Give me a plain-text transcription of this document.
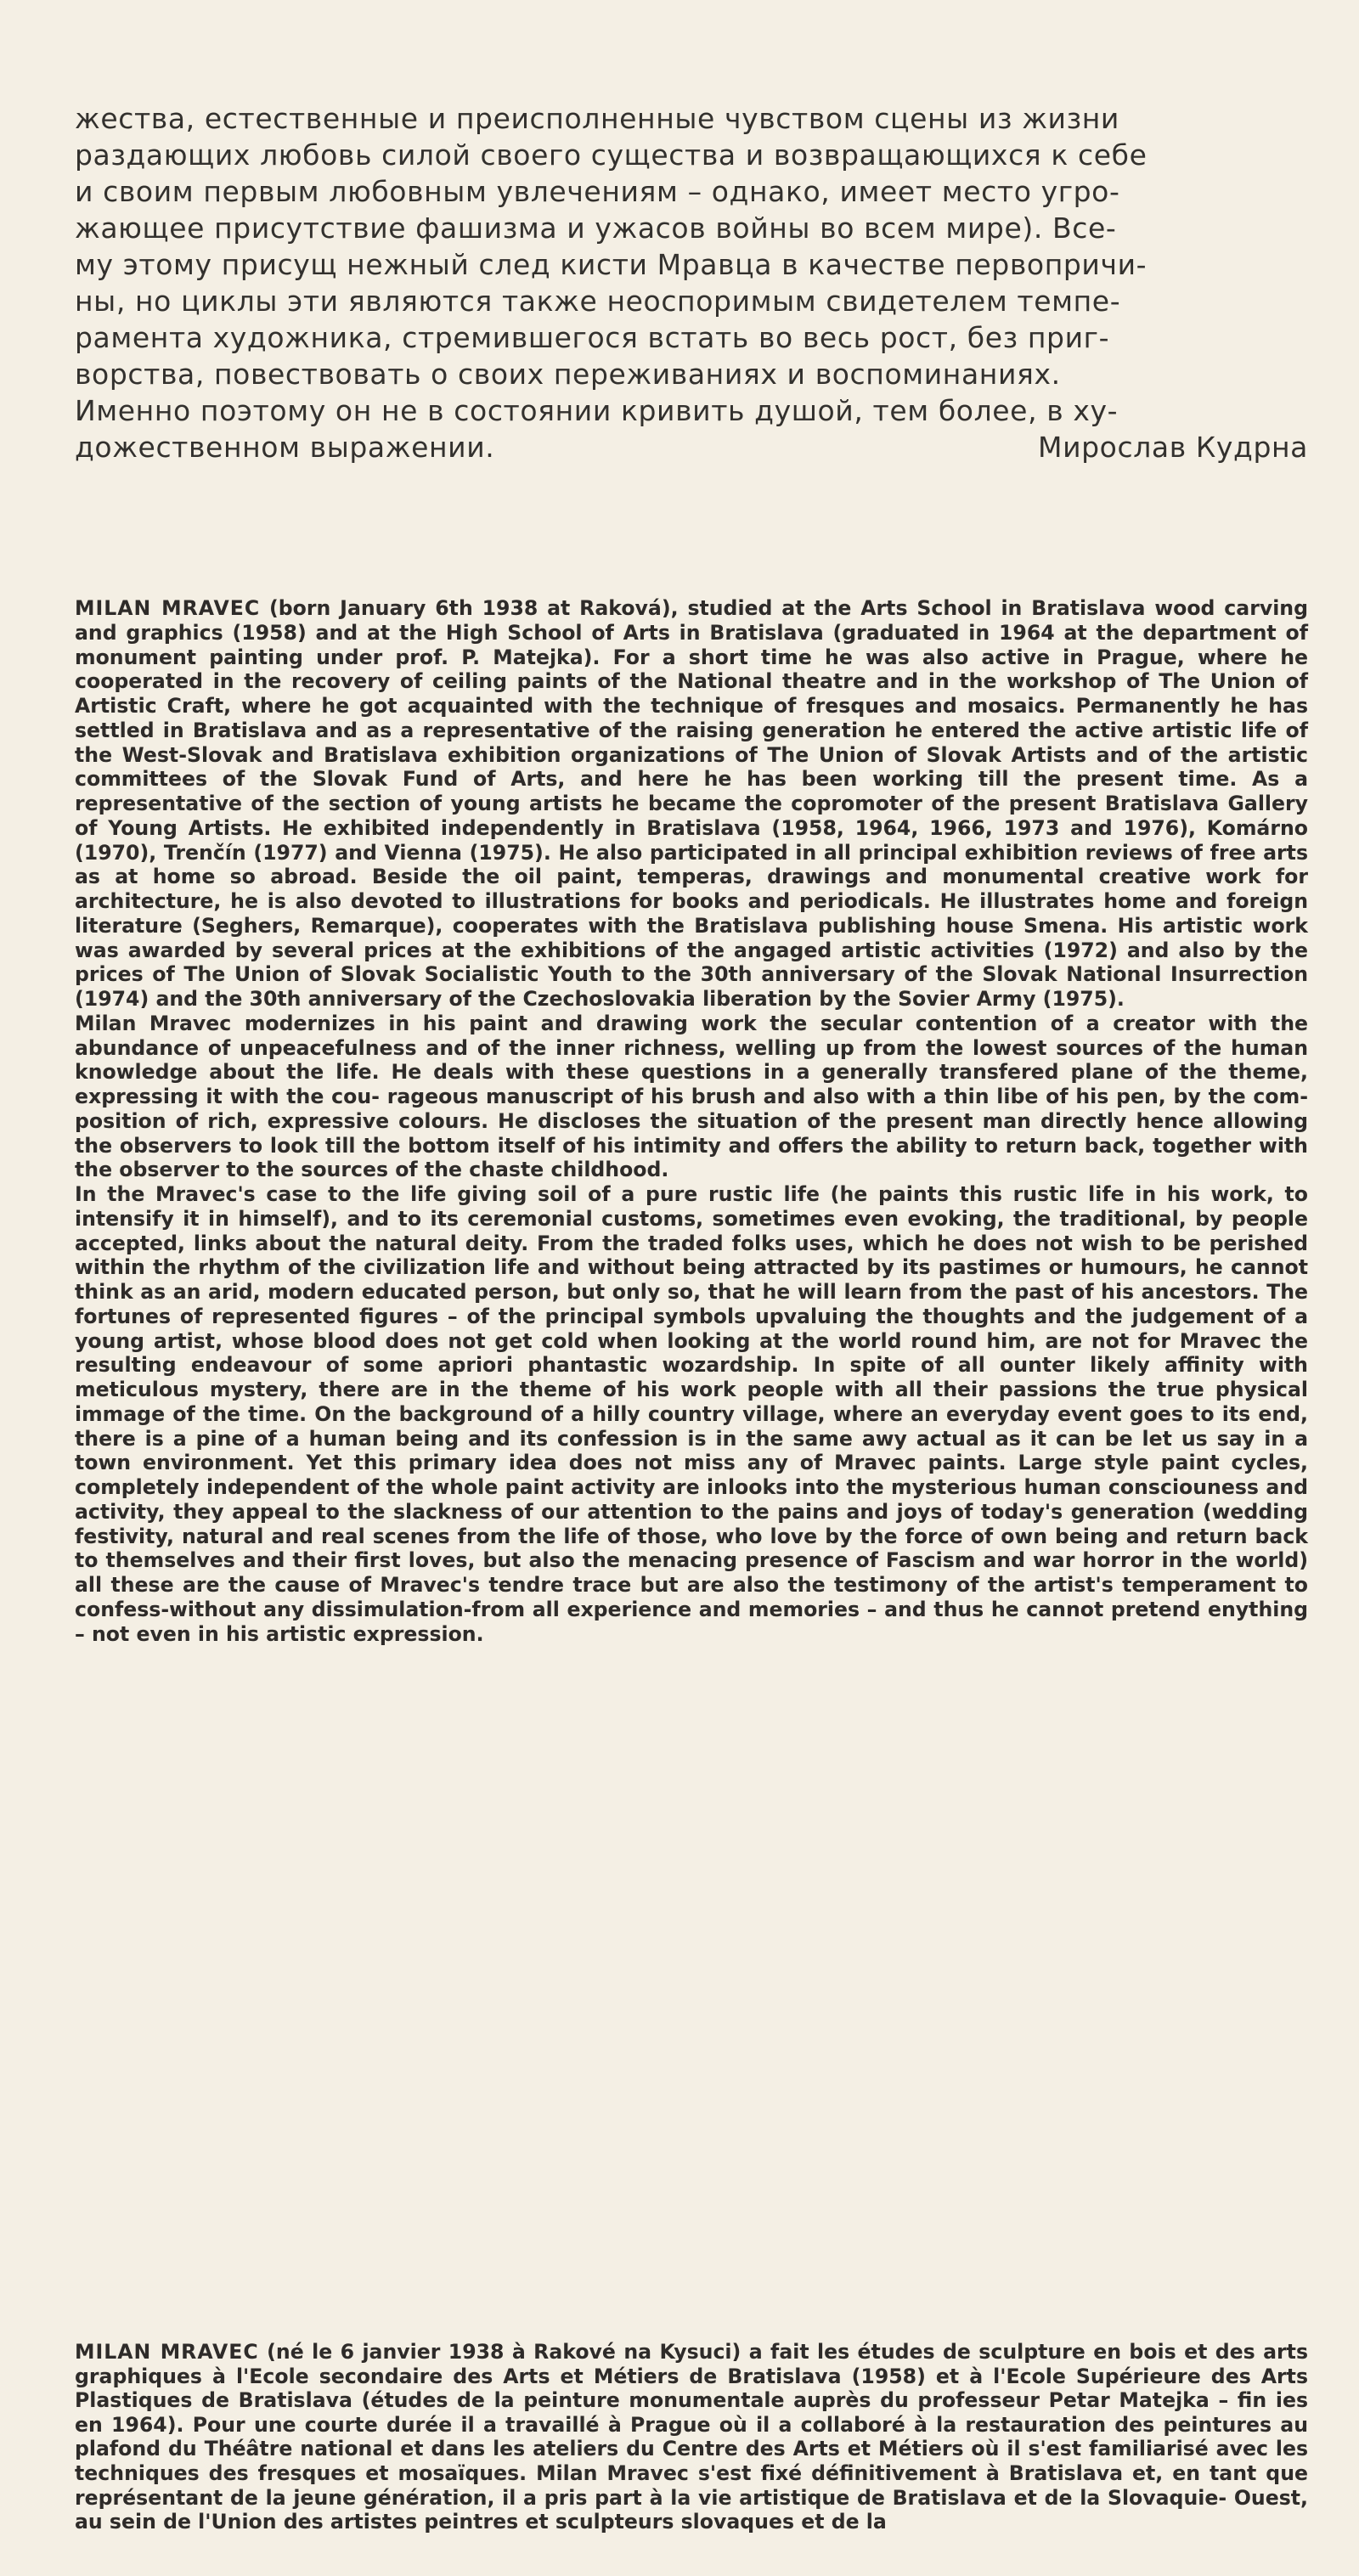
жества, естественные и преисполненные чувством сцены из жизни
раздающих любовь силой своего существа и возвращающихся к себе
и своим первым любовным увлечениям – однако, имеет место угро-
жающее присутствие фашизма и ужасов войны во всем мире). Все-
му этому присущ нежный след кисти Мравца в качестве первопричи-
ны, но циклы эти являются также неоспоримым свидетелем темпе-
рамента художника, стремившегося встать во весь рост, без приг-
ворства, повествовать о своих переживаниях и воспоминаниях.
Именно поэтому он не в состоянии кривить душой, тем более, в ху-
дожественном выражении.	Мирослав Кудрна

MILAN MRAVEC (born January 6th 1938 at Raková), studied at the Arts School in Bratislava wood carving and graphics (1958) and at the High School of Arts in Bratislava (graduated in 1964 at the department of monument painting under prof. P. Matejka). For a short time he was also active in Prague, where he cooperated in the recovery of ceiling paints of the National theatre and in the workshop of The Union of Artistic Craft, where he got acquainted with the technique of fresques and mosaics. Permanently he has settled in Bratislava and as a representative of the raising generation he entered the active artistic life of the West-Slovak and Bratislava exhibition organizations of The Union of Slovak Artists and of the artistic committees of the Slovak Fund of Arts, and here he has been working till the present time. As a representative of the section of young artists he became the copromoter of the present Bratislava Gallery of Young Artists. He exhibited independently in Bratislava (1958, 1964, 1966, 1973 and 1976), Komárno (1970), Trenčín (1977) and Vienna (1975). He also participated in all principal exhibition reviews of free arts as at home so abroad. Beside the oil paint, temperas, drawings and monumental creative work for architecture, he is also devoted to illustrations for books and periodicals. He illustrates home and foreign literature (Seghers, Remarque), cooperates with the Bratislava publishing house Smena. His artistic work was awarded by several prices at the exhibitions of the angaged artistic activities (1972) and also by the prices of The Union of Slovak Socialistic Youth to the 30th anniversary of the Slovak National Insurrection (1974) and the 30th anniversary of the Czechoslovakia liberation by the Sovier Army (1975).

Milan Mravec modernizes in his paint and drawing work the secular contention of a creator with the abundance of unpeacefulness and of the inner richness, welling up from the lowest sources of the human knowledge about the life. He deals with these questions in a generally transfered plane of the theme, expressing it with the cou- rageous manuscript of his brush and also with a thin libe of his pen, by the com- position of rich, expressive colours. He discloses the situation of the present man directly hence allowing the observers to look till the bottom itself of his intimity and offers the ability to return back, together with the observer to the sources of the chaste childhood.

In the Mravec's case to the life giving soil of a pure rustic life (he paints this rustic life in his work, to intensify it in himself), and to its ceremonial customs, sometimes even evoking, the traditional, by people accepted, links about the natural deity. From the traded folks uses, which he does not wish to be perished within the rhythm of the civilization life and without being attracted by its pastimes or humours, he cannot think as an arid, modern educated person, but only so, that he will learn from the past of his ancestors. The fortunes of represented figures – of the principal symbols upvaluing the thoughts and the judgement of a young artist, whose blood does not get cold when looking at the world round him, are not for Mravec the resulting endeavour of some apriori phantastic wozardship. In spite of all ounter likely affinity with meticulous mystery, there are in the theme of his work people with all their passions the true physical immage of the time. On the background of a hilly country village, where an everyday event goes to its end, there is a pine of a human being and its confession is in the same awy actual as it can be let us say in a town environment. Yet this primary idea does not miss any of Mravec paints. Large style paint cycles, completely independent of the whole paint activity are inlooks into the mysterious human consciouness and activity, they appeal to the slackness of our attention to the pains and joys of today's generation (wedding festivity, natural and real scenes from the life of those, who love by the force of own being and return back to themselves and their first loves, but also the menacing presence of Fascism and war horror in the world) all these are the cause of Mravec's tendre trace but are also the testimony of the artist's temperament to confess-without any dissimulation-from all experience and memories – and thus he cannot pretend enything – not even in his artistic expression.

MILAN MRAVEC (né le 6 janvier 1938 à Rakové na Kysuci) a fait les études de sculpture en bois et des arts graphiques à l'Ecole secondaire des Arts et Métiers de Bratislava (1958) et à l'Ecole Supérieure des Arts Plastiques de Bratislava (études de la peinture monumentale auprès du professeur Petar Matejka – fin ies en 1964). Pour une courte durée il a travaillé à Prague où il a collaboré à la restauration des peintures au plafond du Théâtre national et dans les ateliers du Centre des Arts et Métiers où il s'est familiarisé avec les techniques des fresques et mosaïques. Milan Mravec s'est fixé définitivement à Bratislava et, en tant que représentant de la jeune génération, il a pris part à la vie artistique de Bratislava et de la Slovaquie- Ouest, au sein de l'Union des artistes peintres et sculpteurs slovaques et de la
